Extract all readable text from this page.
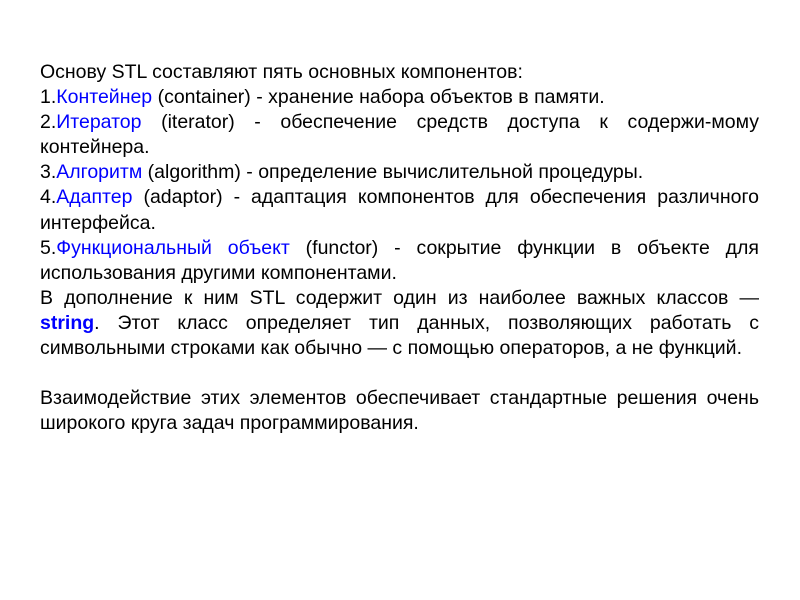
Основу STL составляют пять основных компонентов:

1.Контейнер (container) - хранение набора объектов в памяти.

2.Итератор (iterator) - обеспечение средств доступа к содержи-мому контейнера.

3.Алгоритм (algorithm) - определение вычислительной процедуры.

4.Адаптер (adaptor) - адаптация компонентов для обеспечения различного интерфейса.

5.Функциональный объект (functor) - сокрытие функции в объекте для использования другими компонентами.

В дополнение к ним STL содержит один из наиболее важных классов — string. Этот класс определяет тип данных, позволяющих работать с символьными строками как обычно — с помощью операторов, а не функций.

Взаимодействие этих элементов обеспечивает стандартные решения очень широкого круга задач программирования.
